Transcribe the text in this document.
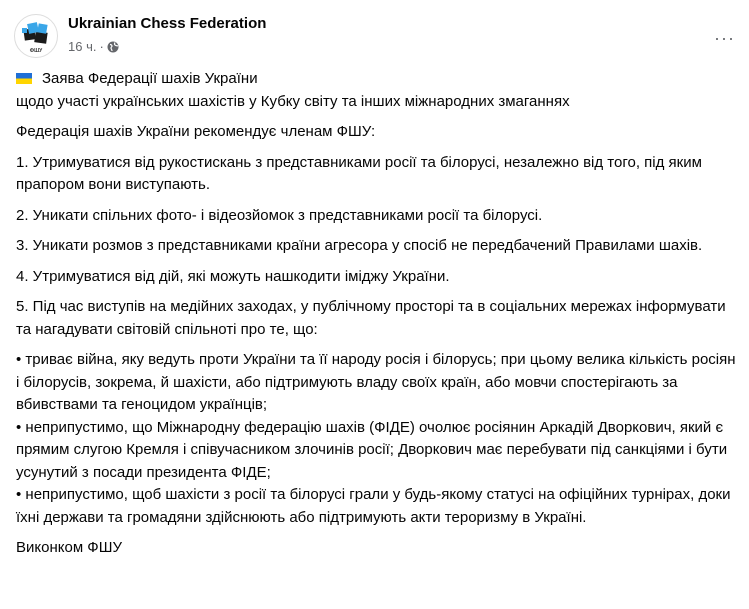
ФШУ
Ukrainian Chess Federation
16 ч. ·	···

Заява Федерації шахів України
щодо участі українських шахістів у Кубку світу та інших міжнародних змаганнях

Федерація шахів України рекомендує членам ФШУ:

1. Утримуватися від рукостискань з представниками росії та білорусі, незалежно від того, під яким прапором вони виступають.

2. Уникати спільних фото- і відеозйомок з представниками росії та білорусі.

3. Уникати розмов з представниками країни агресора у спосіб не передбачений Правилами шахів.

4. Утримуватися від дій, які можуть нашкодити іміджу України.

5. Під час виступів на медійних заходах, у публічному просторі та в соціальних мережах інформувати та нагадувати світовій спільноті про те, що:

• триває війна, яку ведуть проти України та її народу росія і білорусь; при цьому велика кількість росіян і білорусів, зокрема, й шахісти, або підтримують владу своїх країн, або мовчи спостерігають за вбивствами та геноцидом українців;
• неприпустимо, що Міжнародну федерацію шахів (ФІДЕ) очолює росіянин Аркадій Дворкович, який є прямим слугою Кремля і співучасником злочинів росії; Дворкович має перебувати під санкціями і бути усунутий з посади президента ФІДЕ;
• неприпустимо, щоб шахісти з росії та білорусі грали у будь-якому статусі на офіційних турнірах, доки їхні держави та громадяни здійснюють або підтримують акти тероризму в Україні.

Виконком ФШУ
